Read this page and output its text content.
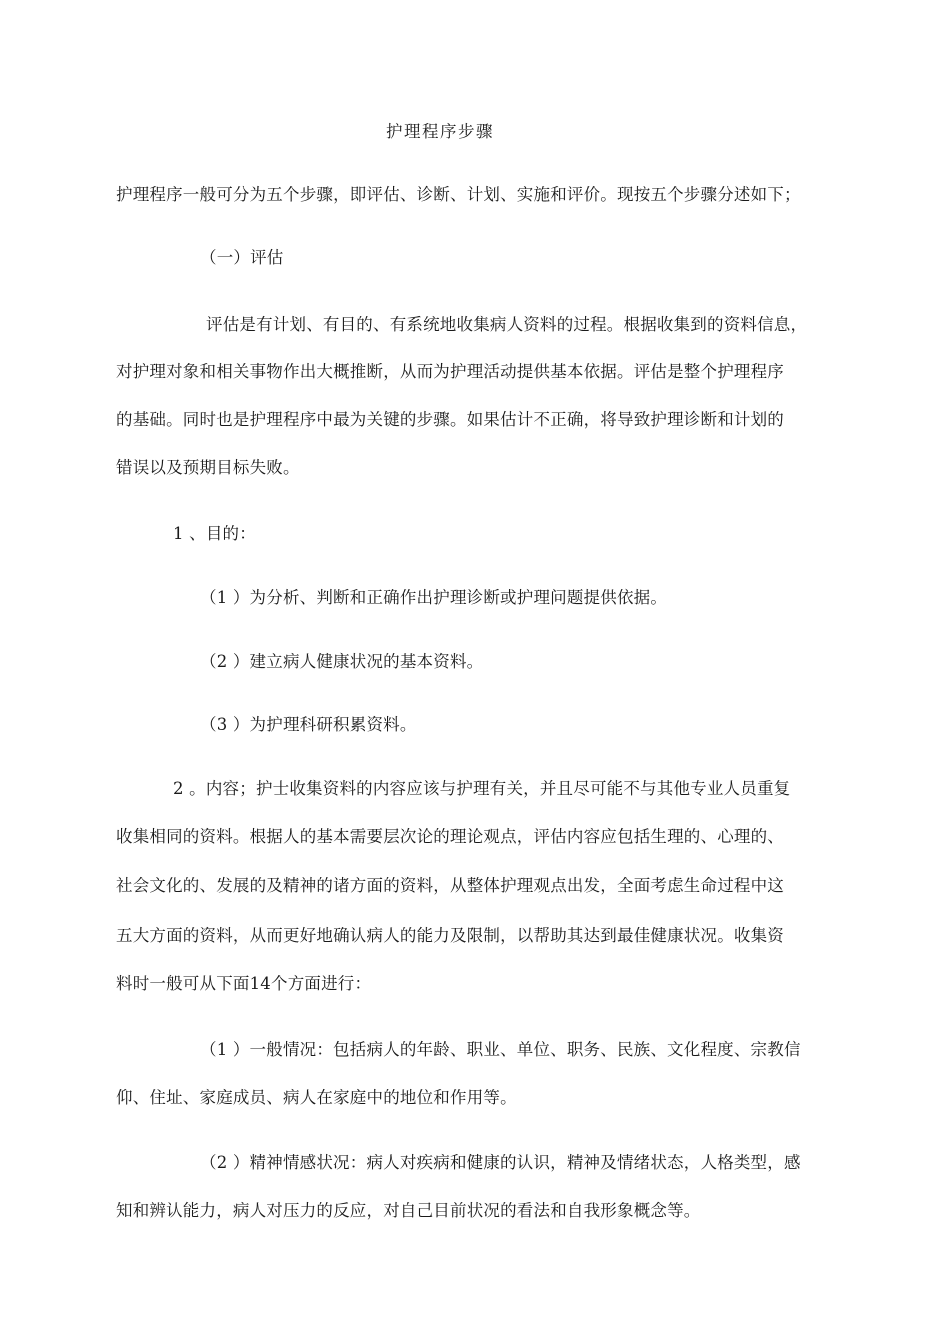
护理程序步骤
护理程序一般可分为五个步骤，即评估、诊断、计划、实施和评价。现按五个步骤分述如下；
（一）评估
评估是有计划、有目的、有系统地收集病人资料的过程。根据收集到的资料信息，
对护理对象和相关事物作出大概推断，从而为护理活动提供基本依据。评估是整个护理程序
的基础。同时也是护理程序中最为关键的步骤。如果估计不正确，将导致护理诊断和计划的
错误以及预期目标失败。
1 、目的：
（1 ）为分析、判断和正确作出护理诊断或护理问题提供依据。
（2 ）建立病人健康状况的基本资料。
（3 ）为护理科研积累资料。
2 。内容；护士收集资料的内容应该与护理有关，并且尽可能不与其他专业人员重复
收集相同的资料。根据人的基本需要层次论的理论观点，评估内容应包括生理的、心理的、
社会文化的、发展的及精神的诸方面的资料，从整体护理观点出发，全面考虑生命过程中这
五大方面的资料，从而更好地确认病人的能力及限制，以帮助其达到最佳健康状况。收集资
料时一般可从下面14个方面进行：
（1 ）一般情况：包括病人的年龄、职业、单位、职务、民族、文化程度、宗教信
仰、住址、家庭成员、病人在家庭中的地位和作用等。
（2 ）精神情感状况：病人对疾病和健康的认识，精神及情绪状态，人格类型，感
知和辨认能力，病人对压力的反应，对自己目前状况的看法和自我形象概念等。
